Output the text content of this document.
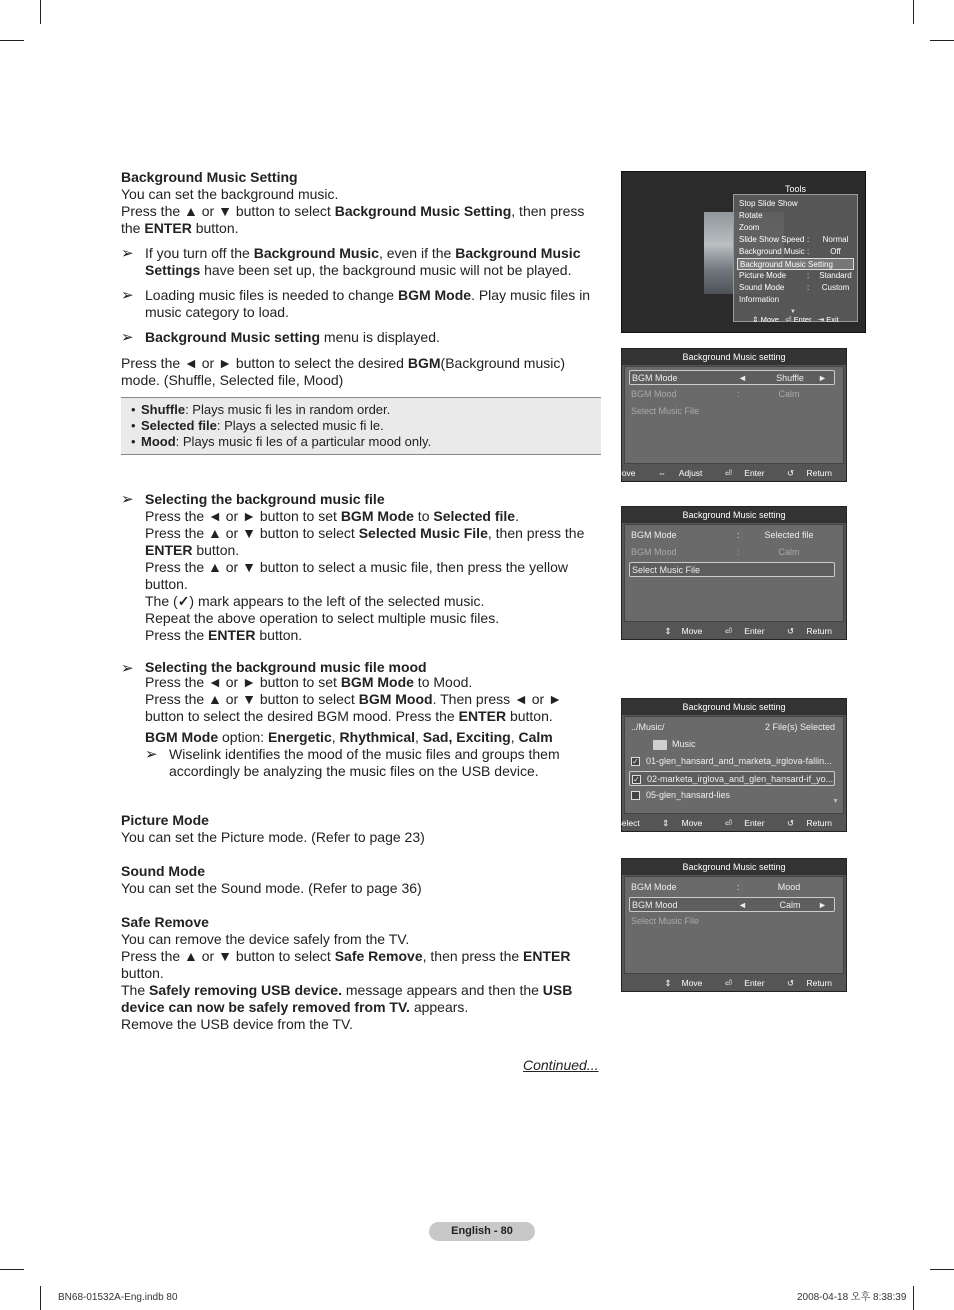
Background Music Setting
You can set the background music.
Press the ▲ or ▼ button to select Background Music Setting, then press the ENTER button.
➢ If you turn off the Background Music, even if the Background Music Settings have been set up, the background music will not be played.
➢ Loading music files is needed to change BGM Mode. Play music files in music category to load.
➢ Background Music setting menu is displayed.
Press the ◄ or ► button to select the desired BGM(Background music) mode. (Shuffle, Selected file, Mood)
• Shuffle: Plays music fi les in random order.
• Selected file: Plays a selected music fi le.
• Mood: Plays music fi les of a particular mood only.
➢ Selecting the background music file
Press the ◄ or ► button to set BGM Mode to Selected file.
Press the ▲ or ▼ button to select Selected Music File, then press the ENTER button.
Press the ▲ or ▼ button to select a music file, then press the yellow button.
The (✓) mark appears to the left of the selected music.
Repeat the above operation to select multiple music files.
Press the ENTER button.
➢ Selecting the background music file mood
Press the ◄ or ► button to set BGM Mode to Mood.
Press the ▲ or ▼ button to select BGM Mood. Then press ◄ or ► button to select the desired BGM mood. Press the ENTER button.
BGM Mode option: Energetic, Rhythmical, Sad, Exciting, Calm
➢ Wiselink identifies the mood of the music files and groups them accordingly be analyzing the music files on the USB device.
Picture Mode
You can set the Picture mode. (Refer to page 23)
Sound Mode
You can set the Sound mode. (Refer to page 36)
Safe Remove
You can remove the device safely from the TV.
Press the ▲ or ▼ button to select Safe Remove, then press the ENTER button.
The Safely removing USB device. message appears and then the USB device can now be safely removed from TV. appears.
Remove the USB device from the TV.
Continued...
Tools
Stop Slide Show
Rotate
Zoom
Slide Show Speed :	Normal
Background Music :	Off
Background Music Setting
Picture Mode	:	Standard
Sound Mode	:	Custom
Information
▼
⇕ Move ⏎ Enter ⇥ Exit
Background Music setting
BGM Mode	◄	Shuffle	►
BGM Mood	:	Calm
Select Music File
⇕ Move	⇔ Adjust	⏎ Enter	↺ Return
Background Music setting
BGM Mode	:	Selected file
BGM Mood	:	Calm
Select Music File
⇕ Move	⏎ Enter	↺ Return
Background Music setting
../Music/	2 File(s) Selected
Music
✓ 01-glen_hansard_and_marketa_irglova-fallin...
✓ 02-marketa_irglova_and_glen_hansard-if_yo...
05-glen_hansard-lies
▼
■ Select	⇕ Move	⏎ Enter	↺ Return
Background Music setting
BGM Mode	:	Mood
BGM Mood	◄	Calm	►
Select Music File
⇕ Move	⏎ Enter	↺ Return
English - 80
BN68-01532A-Eng.indb 80	2008-04-18 오후 8:38:39
